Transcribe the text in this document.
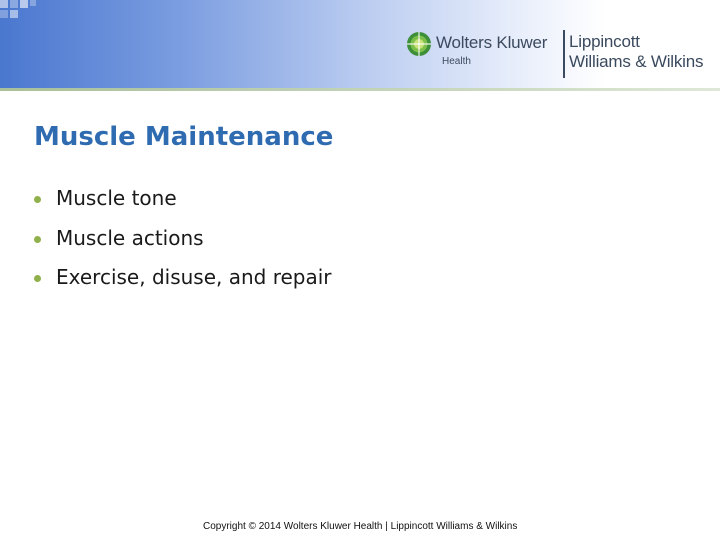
Wolters Kluwer
Health
Lippincott
Williams & Wilkins
Muscle Maintenance
Muscle tone
Muscle actions
Exercise, disuse, and repair
Copyright © 2014 Wolters Kluwer Health | Lippincott Williams & Wilkins
